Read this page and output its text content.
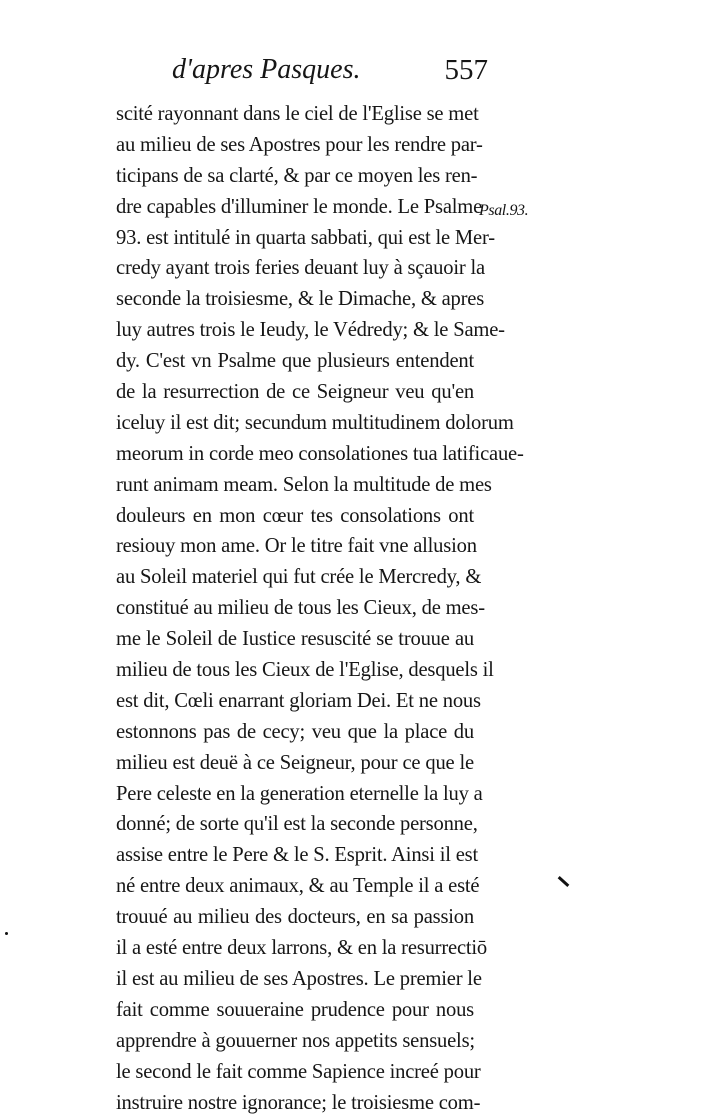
d'apres Pasques.	557
scité rayonnant dans le ciel de l'Eglise se met
au milieu de ses Apostres pour les rendre par-
ticipans de sa clarté, & par ce moyen les ren-
dre capables d'illuminer le monde. Le Psalme
93. est intitulé in quarta sabbati, qui est le Mer-
credy ayant trois feries deuant luy à sçauoir la
seconde la troisiesme, & le Dimache, & apres
luy autres trois le Ieudy, le Védredy; & le Same-
dy. C'est vn Psalme que plusieurs entendent
de la resurrection de ce Seigneur veu qu'en
iceluy il est dit; secundum multitudinem dolorum
meorum in corde meo consolationes tua latificaue-
runt animam meam. Selon la multitude de mes
douleurs en mon cœur tes consolations ont
resiouy mon ame. Or le titre fait vne allusion
au Soleil materiel qui fut crée le Mercredy, &
constitué au milieu de tous les Cieux, de mes-
me le Soleil de Iustice resuscité se trouue au
milieu de tous les Cieux de l'Eglise, desquels il
est dit, Cœli enarrant gloriam Dei. Et ne nous
estonnons pas de cecy; veu que la place du
milieu est deuë à ce Seigneur, pour ce que le
Pere celeste en la generation eternelle la luy a
donné; de sorte qu'il est la seconde personne,
assise entre le Pere & le S. Esprit. Ainsi il est
né entre deux animaux, & au Temple il a esté
trouué au milieu des docteurs, en sa passion
il a esté entre deux larrons, & en la resurrectiō
il est au milieu de ses Apostres. Le premier le
fait comme souueraine prudence pour nous
apprendre à gouuerner nos appetits sensuels;
le second le fait comme Sapience increé pour
instruire nostre ignorance; le troisiesme com-
Psal.93.
